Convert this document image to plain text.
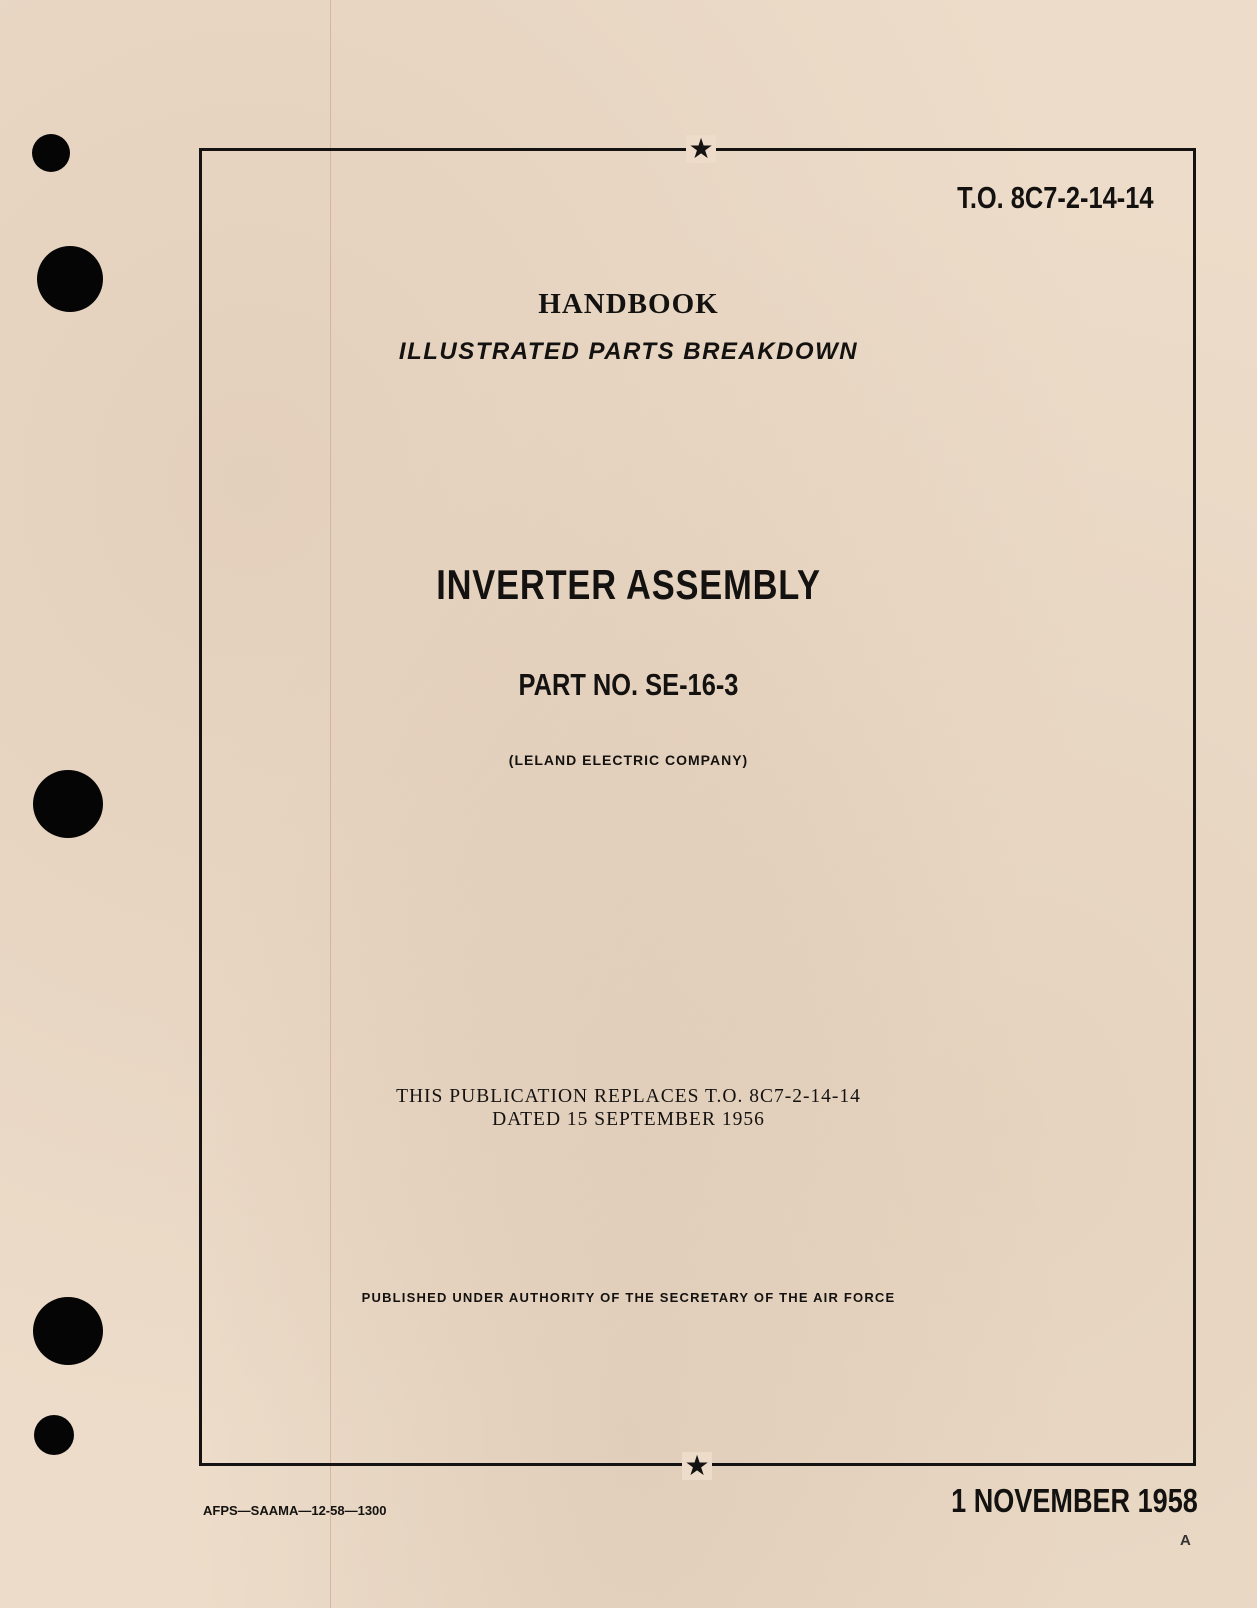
★
★
T.O. 8C7-2-14-14
HANDBOOK
ILLUSTRATED PARTS BREAKDOWN
INVERTER ASSEMBLY
PART NO. SE-16-3
(LELAND ELECTRIC COMPANY)
THIS PUBLICATION REPLACES T.O. 8C7-2-14-14
DATED 15 SEPTEMBER 1956
PUBLISHED UNDER AUTHORITY OF THE SECRETARY OF THE AIR FORCE
AFPS—SAAMA—12-58—1300	1 NOVEMBER 1958
A
